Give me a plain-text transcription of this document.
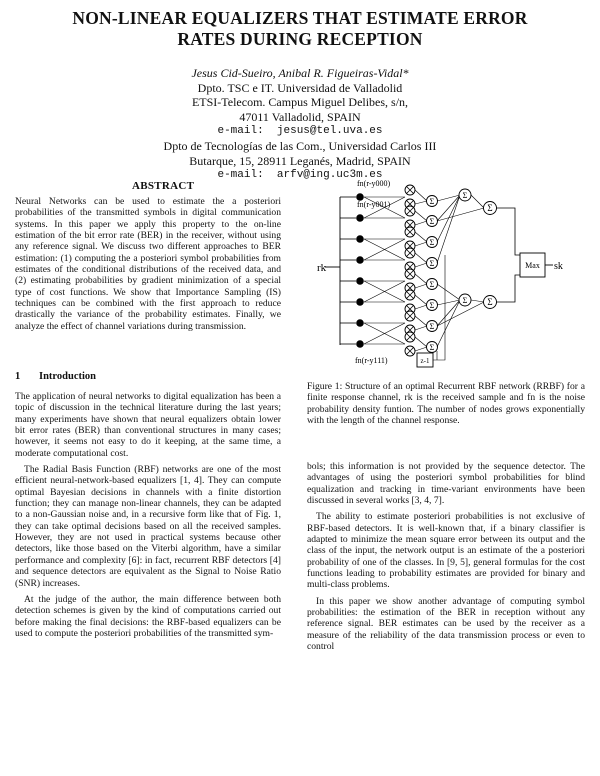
NON-LINEAR EQUALIZERS THAT ESTIMATE ERROR
RATES DURING RECEPTION
Jesus Cid-Sueiro, Anibal R. Figueiras-Vidal*
Dpto. TSC e IT. Universidad de Valladolid
ETSI-Telecom. Campus Miguel Delibes, s/n,
47011 Valladolid, SPAIN
e-mail: jesus@tel.uva.es
Dpto de Tecnologías de las Com., Universidad Carlos III
Butarque, 15, 28911 Leganés, Madrid, SPAIN
e-mail: arfv@ing.uc3m.es
ABSTRACT

Neural Networks can be used to estimate the a posteriori probabilities of the transmitted symbols in digital communication systems. In this paper we apply this property to the on-line estimation of the bit error rate (BER) in the receiver, without using any reference signal. We discuss two different approaches to BER estimation: (1) computing the a posteriori symbol probabilities from estimates of the conditional distributions of the received data, and (2) estimating probabilities by gradient minimization of a special type of cost functions. We show that Importance Sampling (IS) techniques can be combined with the first approach to reduce drastically the variance of the probability estimates. Finally, we analyze the effect of channel variations during transmission.

1 Introduction

The application of neural networks to digital equalization has been a topic of discussion in the technical literature during the last years; many experiments have shown that neural equalizers obtain lower bit error rates (BER) than conventional structures in many cases; however, it seems not easy to do it keeping, at the same time, a moderate computational cost.

The Radial Basis Function (RBF) networks are one of the most efficient neural-network-based equalizers [1, 4]. They can compute optimal Bayesian decisions in channels with a finite distortion function; they can manage non-linear channels, they can be adapted to a non-Gaussian noise and, in a recursive form like that of Fig. 1, they can take optimal decisions based on all the received samples. However, they are not used in practical systems because other detectors, like those based on the Viterbi algorithm, have a similar performance and complexity [6]: in fact, recurrent RBF detectors [4] and sequence detectors are equivalent as the Signal to Noise Ratio (SNR) increases.

At the judge of the author, the main difference between both detection schemes is given by the kind of computations carried out before making the final decisions: the RBF-based equalizers can be used to compute the posteriori probabilities of the transmitted sym-

rk
fn(r-y000)
fn(r-y001)
fn(r-y111)
Σ
Σ
Σ
Σ
Σ
Σ
Σ
Σ
Σ
Σ
Σ
Σ
Max sk
z-1
Figure 1: Structure of an optimal Recurrent RBF network (RRBF) for a finite response channel, rk is the received sample and fn is the noise probability density funtion. The number of nodes grows exponentially with the length of the channel response.

bols; this information is not provided by the sequence detector. The advantages of using the posteriori symbol probabilities for blind equalization and tracking in time-variant environments have been discussed in several works [3, 4, 7].

The ability to estimate posteriori probabilities is not exclusive of RBF-based detectors. It is well-known that, if a binary classifier is adapted to minimize the mean square error between its output and the class of the input, the network output is an estimate of the a posteriori probability of one of the classes. In [9, 5], general formulas for the cost functions leading to probability estimates are provided for binary and multi-class problems.

In this paper we show another advantage of computing symbol probabilities: the estimation of the BER in reception without any reference signal. BER estimates can be used by the receiver as a measure of the reliability of the data transmission process or even to control
